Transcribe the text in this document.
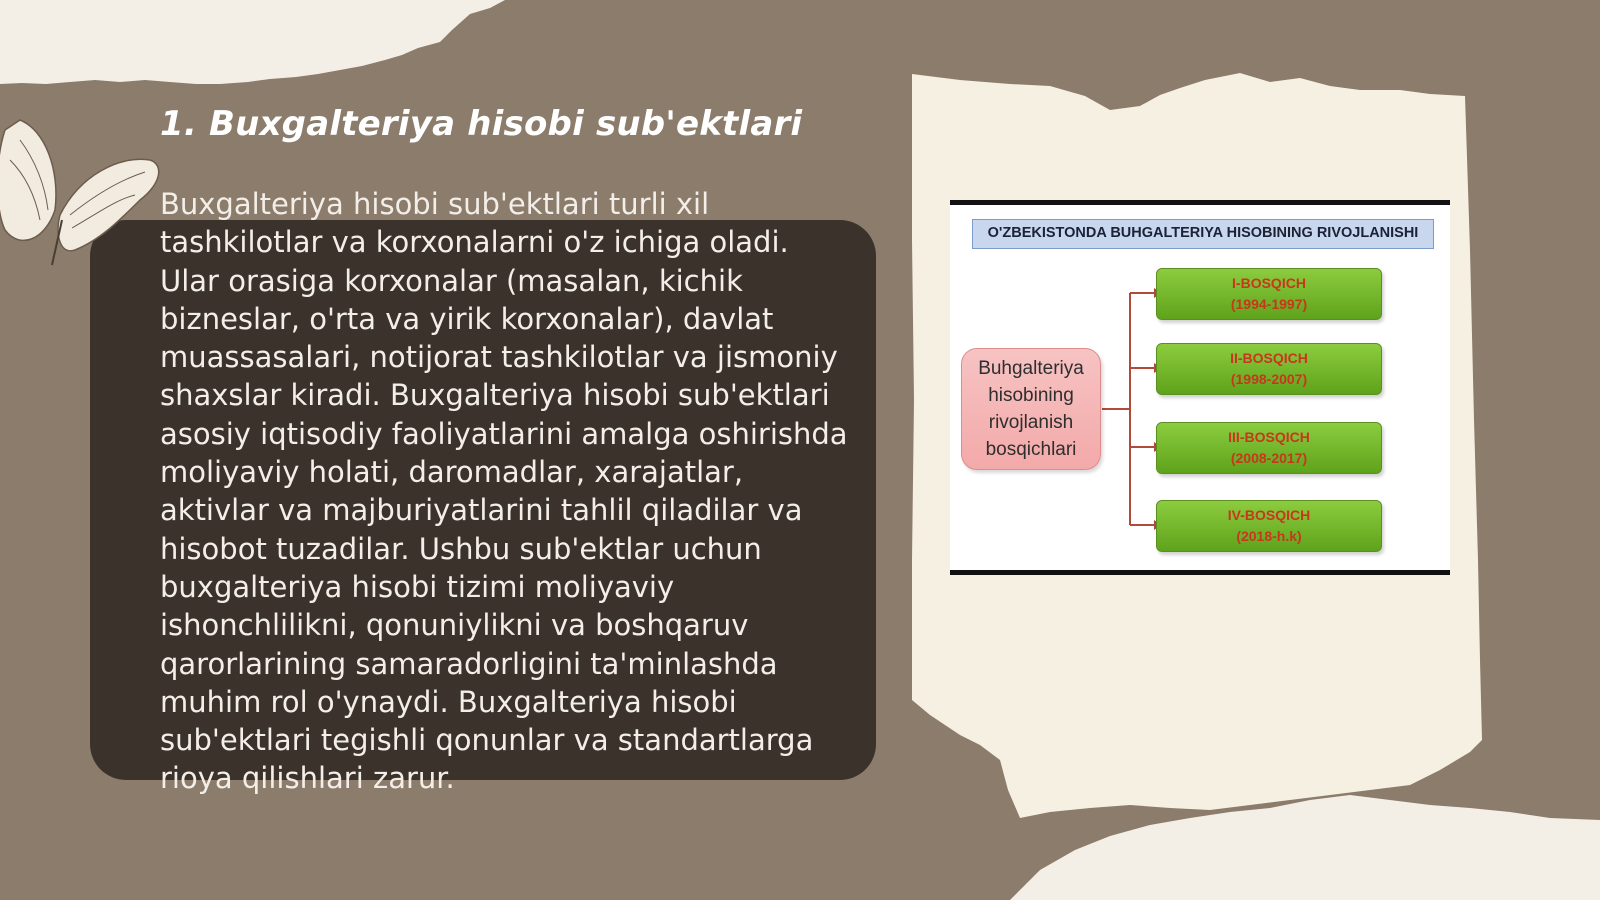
1. Buxgalteriya hisobi sub'ektlari

Buxgalteriya hisobi sub'ektlari turli xil tashkilotlar va korxonalarni o'z ichiga oladi. Ular orasiga korxonalar (masalan, kichik bizneslar, o'rta va yirik korxonalar), davlat muassasalari, notijorat tashkilotlar va jismoniy shaxslar kiradi. Buxgalteriya hisobi sub'ektlari asosiy iqtisodiy faoliyatlarini amalga oshirishda moliyaviy holati, daromadlar, xarajatlar, aktivlar va majburiyatlarini tahlil qiladilar va hisobot tuzadilar. Ushbu sub'ektlar uchun buxgalteriya hisobi tizimi moliyaviy ishonchlilikni, qonuniylikni va boshqaruv qarorlarining samaradorligini ta'minlashda muhim rol o'ynaydi. Buxgalteriya hisobi sub'ektlari tegishli qonunlar va standartlarga rioya qilishlari zarur.

O'ZBEKISTONDA BUHGALTERIYA HISOBINING RIVOJLANISHI
Buhgalteriya hisobining rivojlanish bosqichlari
I-BOSQICH
(1994-1997)
II-BOSQICH
(1998-2007)
III-BOSQICH
(2008-2017)
IV-BOSQICH
(2018-h.k)
